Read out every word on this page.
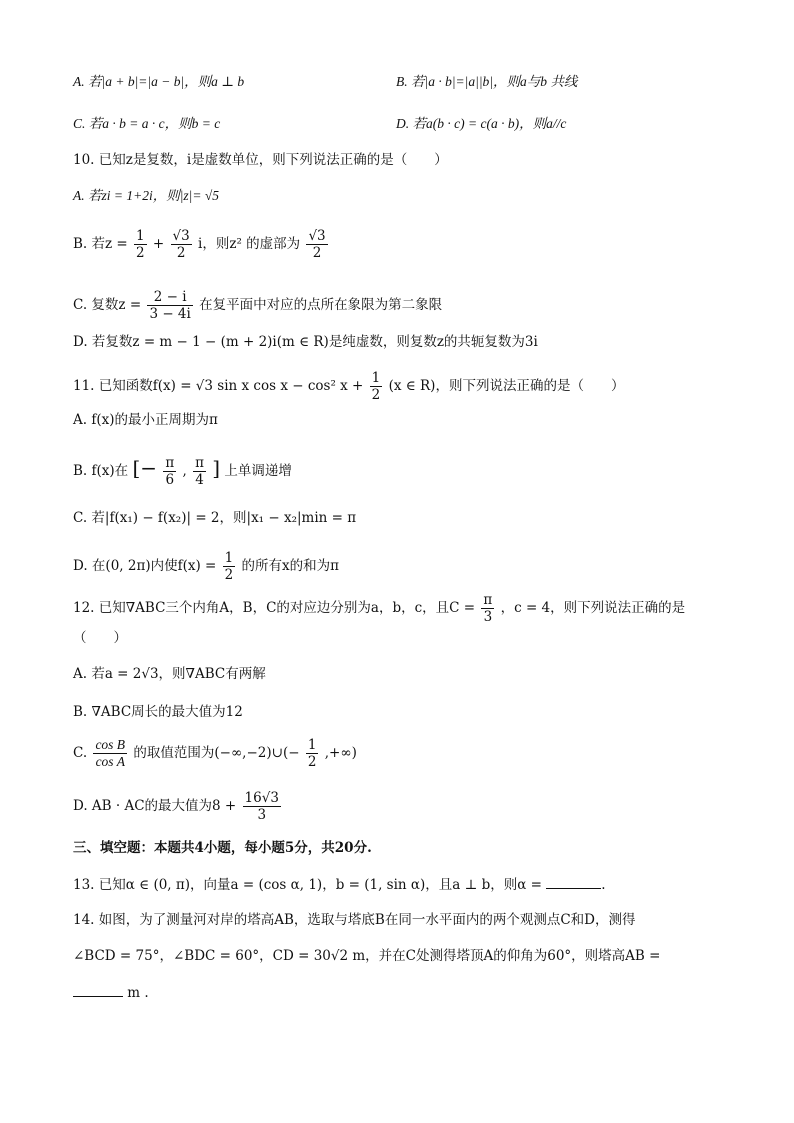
A. 若|a + b|=|a − b|，则a ⊥ b	B. 若|a · b|=|a||b|，则a与b 共线
C. 若a · b = a · c，则b = c	D. 若a(b · c) = c(a · b)，则a//c
10. 已知z是复数，i是虚数单位，则下列说法正确的是（　　）
A. 若zi = 1+2i，则|z|= √5
B. 若$z = \frac{1}{2} + \frac{√3}{2}$ i，则z² 的虚部为 $\frac{√3}{2}$
C. 复数$z = \frac{2 - i}{3 - 4i}$ 在复平面中对应的点所在象限为第二象限
D. 若复数z = m − 1 − (m + 2)i(m ∈ R)是纯虚数，则复数z的共轭复数为3i
11. 已知函数f(x) = √3 sin x cos x − cos² $x + \frac{1}{2} (x$ ∈ R)，则下列说法正确的是（　　）
A. f(x)的最小正周期为π
B. f(x)在 [− $\frac{\pi}{6}$ , $\frac{\pi}{4}$ ] 上单调递增
C. 若|f(x₁) − f(x₂)| = 2，则|x₁ − x₂|min = π
D. 在(0, 2π)内使$f(x) = \frac{1}{2}$ 的所有x的和为π
12. 已知∇ABC三个内角A，B，C的对应边分别为a，b，c，且$C = \frac{\pi}{3}$ ，c = 4，则下列说法正确的是
（　　）
A. 若a = 2√3，则∇ABC有两解
B. ∇ABC周长的最大值为12
C. $\frac{\text{cos B}}{\text{cos A}}$ 的取值范围为(−∞,−2)∪(− $\frac{1}{2}$ ,+∞)
D. AB · AC的最大值为$8 + \frac{16√3}{3}$
三、填空题：本题共4小题，每小题5分，共20分.
13. 已知α ∈ (0, π)，向量a = (cos α, 1)，b = (1, sin α)，且a ⊥ b，则α =	.
14. 如图，为了测量河对岸的塔高AB，选取与塔底B在同一水平面内的两个观测点C和D，测得
∠BCD = 75°，∠BDC = 60°，CD = 30√2 m，并在C处测得塔顶A的仰角为60°，则塔高AB =
m .
